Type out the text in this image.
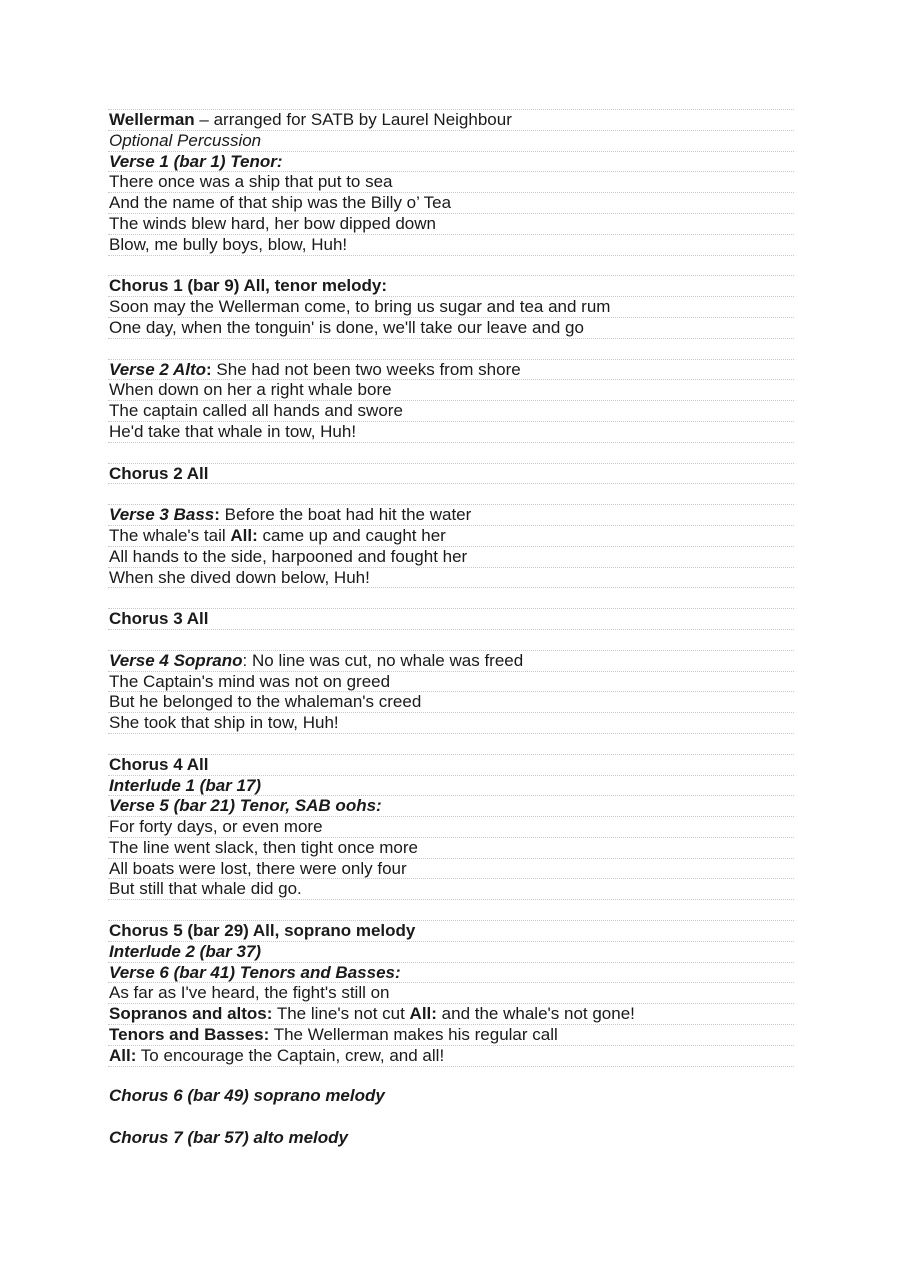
Wellerman – arranged for SATB by Laurel Neighbour
Optional Percussion
Verse 1 (bar 1) Tenor:
There once was a ship that put to sea
And the name of that ship was the Billy o’ Tea
The winds blew hard, her bow dipped down
Blow, me bully boys, blow, Huh!
Chorus 1 (bar 9) All, tenor melody:
Soon may the Wellerman come, to bring us sugar and tea and rum
One day, when the tonguin' is done, we'll take our leave and go
Verse 2 Alto: She had not been two weeks from shore
When down on her a right whale bore
The captain called all hands and swore
He'd take that whale in tow, Huh!
Chorus 2 All
Verse 3 Bass: Before the boat had hit the water
The whale's tail All: came up and caught her
All hands to the side, harpooned and fought her
When she dived down below, Huh!
Chorus 3 All
Verse 4 Soprano: No line was cut, no whale was freed
The Captain's mind was not on greed
But he belonged to the whaleman's creed
She took that ship in tow, Huh!
Chorus 4 All
Interlude 1 (bar 17)
Verse 5 (bar 21) Tenor, SAB oohs:
For forty days, or even more
The line went slack, then tight once more
All boats were lost, there were only four
But still that whale did go.
Chorus 5 (bar 29) All, soprano melody
Interlude 2 (bar 37)
Verse 6 (bar 41) Tenors and Basses:
As far as I've heard, the fight's still on
Sopranos and altos: The line's not cut All: and the whale's not gone!
Tenors and Basses: The Wellerman makes his regular call
All: To encourage the Captain, crew, and all!
Chorus 6 (bar 49) soprano melody
Chorus 7 (bar 57) alto melody
